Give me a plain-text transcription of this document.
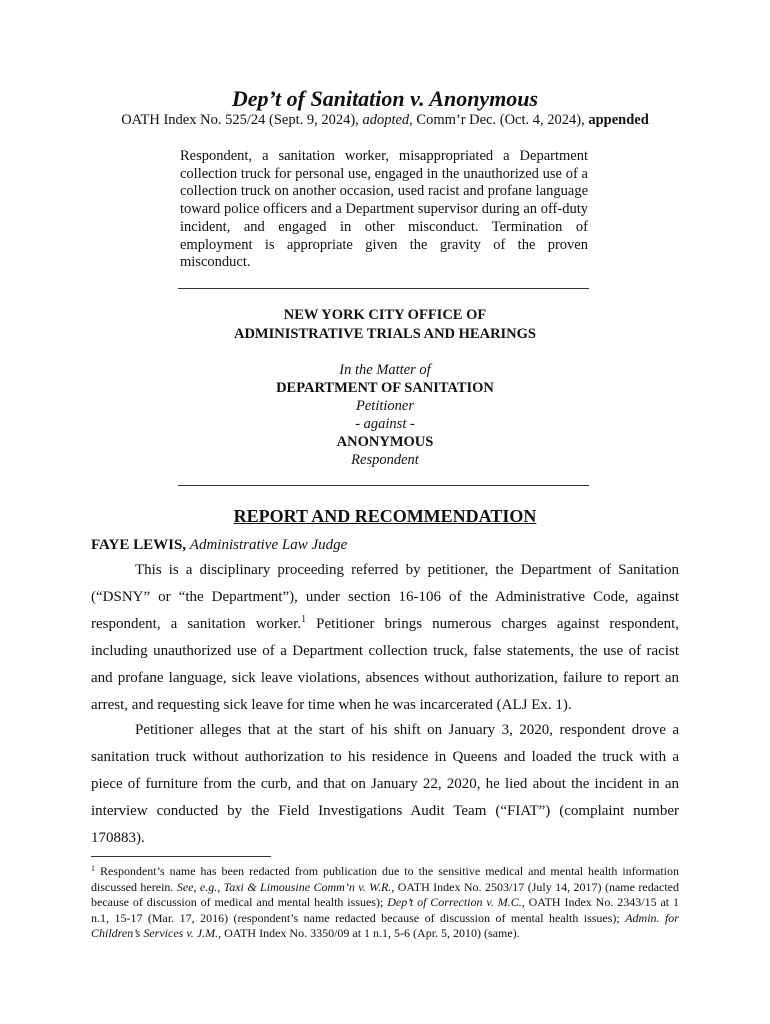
Dep’t of Sanitation v. Anonymous

OATH Index No. 525/24 (Sept. 9, 2024), adopted, Comm’r Dec. (Oct. 4, 2024), appended

Respondent, a sanitation worker, misappropriated a Department collection truck for personal use, engaged in the unauthorized use of a collection truck on another occasion, used racist and profane language toward police officers and a Department supervisor during an off-duty incident, and engaged in other misconduct. Termination of employment is appropriate given the gravity of the proven misconduct.

NEW YORK CITY OFFICE OF

ADMINISTRATIVE TRIALS AND HEARINGS

In the Matter of

DEPARTMENT OF SANITATION

Petitioner

- against -

ANONYMOUS

Respondent

REPORT AND RECOMMENDATION

FAYE LEWIS, Administrative Law Judge

This is a disciplinary proceeding referred by petitioner, the Department of Sanitation (“DSNY” or “the Department”), under section 16-106 of the Administrative Code, against respondent, a sanitation worker.$^1$ Petitioner brings numerous charges against respondent, including unauthorized use of a Department collection truck, false statements, the use of racist and profane language, sick leave violations, absences without authorization, failure to report an arrest, and requesting sick leave for time when he was incarcerated (ALJ Ex. 1).

Petitioner alleges that at the start of his shift on January 3, 2020, respondent drove a sanitation truck without authorization to his residence in Queens and loaded the truck with a piece of furniture from the curb, and that on January 22, 2020, he lied about the incident in an interview conducted by the Field Investigations Audit Team (“FIAT”) (complaint number 170883).

$^1$ Respondent’s name has been redacted from publication due to the sensitive medical and mental health information discussed herein. See, e.g., Taxi & Limousine Comm’n v. W.R., OATH Index No. 2503/17 (July 14, 2017) (name redacted because of discussion of medical and mental health issues); Dep’t of Correction v. M.C., OATH Index No. 2343/15 at 1 n.1, 15-17 (Mar. 17, 2016) (respondent’s name redacted because of discussion of mental health issues); Admin. for Children’s Services v. J.M., OATH Index No. 3350/09 at 1 n.1, 5-6 (Apr. 5, 2010) (same).
